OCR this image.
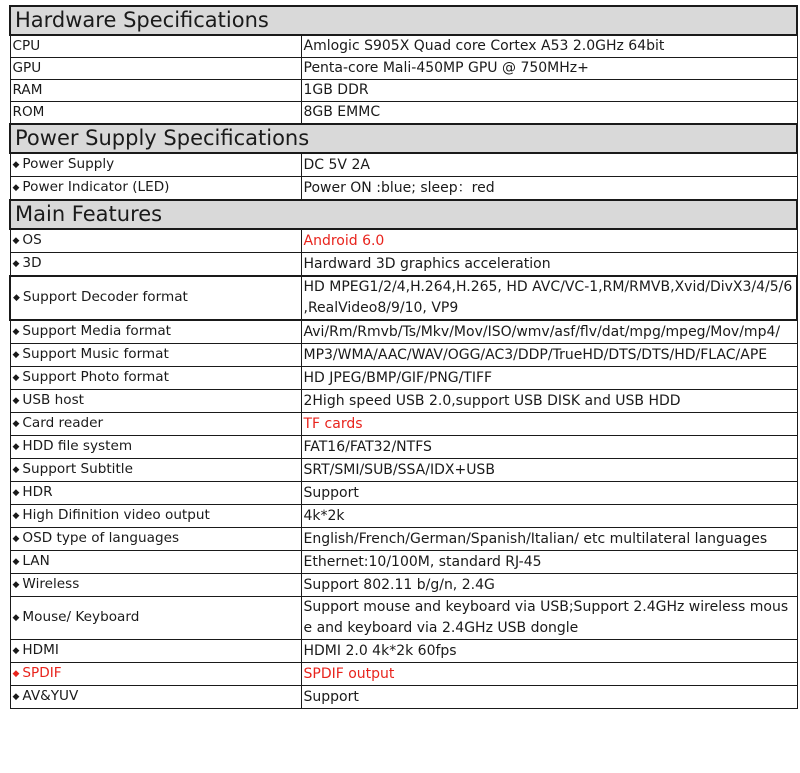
Hardware Specifications	
CPU	Amlogic S905X Quad core Cortex A53 2.0GHz 64bit
GPU	Penta-core Mali-450MP GPU @ 750MHz+
RAM	1GB DDR
ROM	8GB EMMC
Power Supply Specifications	
◆ Power Supply	DC 5V 2A
◆ Power Indicator (LED)	Power ON :blue; sleep：red
Main Features	
◆ OS	Android 6.0
◆ 3D	Hardward 3D graphics acceleration
◆ Support Decoder format	HD MPEG1/2/4,H.264,H.265, HD AVC/VC-1,RM/RMVB,Xvid/DivX3/4/5/6 ,RealVideo8/9/10, VP9
◆ Support Media format	Avi/Rm/Rmvb/Ts/Mkv/Mov/ISO/wmv/asf/flv/dat/mpg/mpeg/Mov/mp4/
◆ Support Music format	MP3/WMA/AAC/WAV/OGG/AC3/DDP/TrueHD/DTS/DTS/HD/FLAC/APE
◆ Support Photo format	HD JPEG/BMP/GIF/PNG/TIFF
◆ USB host	2High speed USB 2.0,support USB DISK and USB HDD
◆ Card reader	TF cards
◆ HDD file system	FAT16/FAT32/NTFS
◆ Support Subtitle	SRT/SMI/SUB/SSA/IDX+USB
◆ HDR	Support
◆ High Difinition video output	4k*2k
◆ OSD type of languages	English/French/German/Spanish/Italian/ etc multilateral languages
◆ LAN	Ethernet:10/100M, standard RJ-45
◆ Wireless	Support 802.11 b/g/n, 2.4G
◆ Mouse/ Keyboard	Support mouse and keyboard via USB;Support 2.4GHz wireless mouse and keyboard via 2.4GHz USB dongle
◆ HDMI	HDMI 2.0 4k*2k 60fps
◆ SPDIF	SPDIF output
◆ AV&YUV	Support
